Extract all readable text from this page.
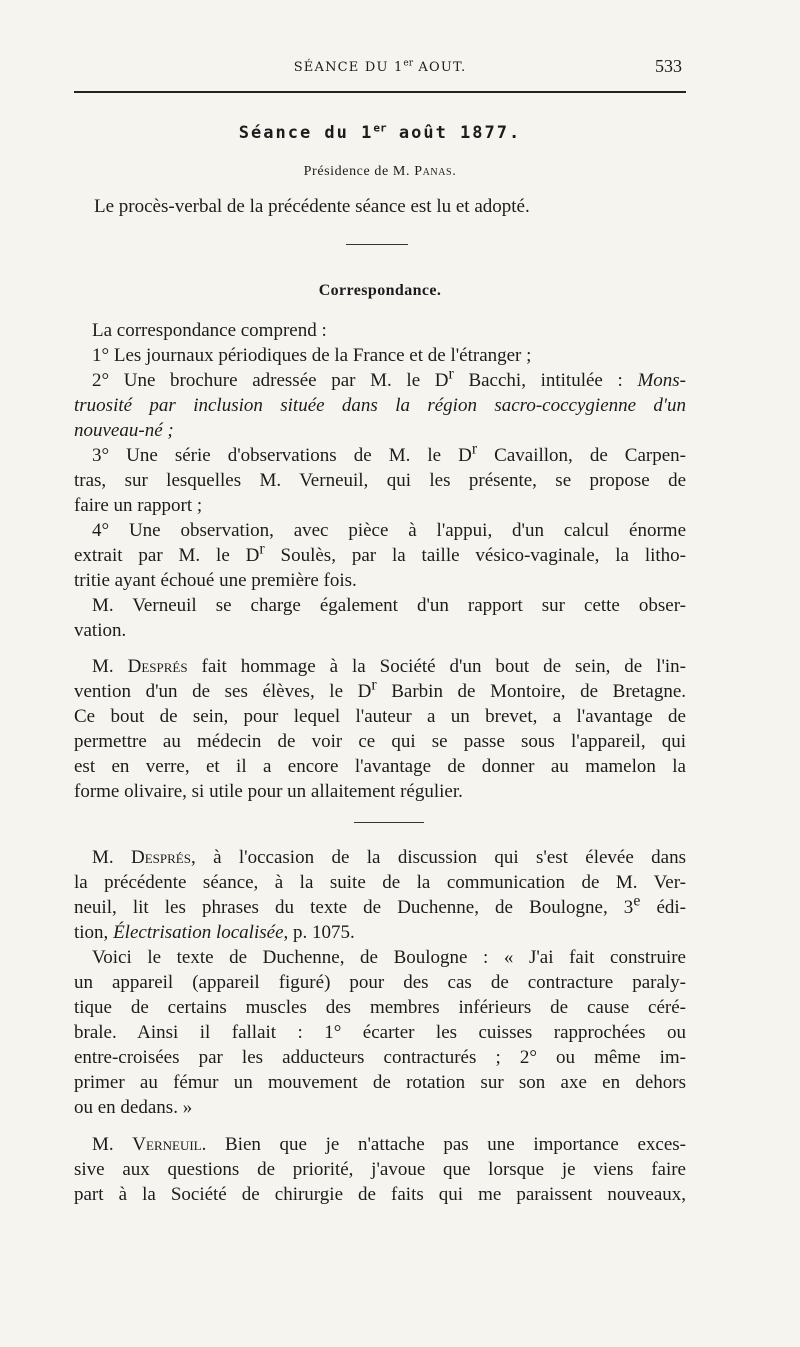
SÉANCE DU 1er AOUT.	533
Séance du 1er août 1877.
Présidence de M. Panas.
Le procès-verbal de la précédente séance est lu et adopté.
Correspondance.
La correspondance comprend :
1° Les journaux périodiques de la France et de l'étranger ;
2° Une brochure adressée par M. le $D^r$ Bacchi, intitulée : Mons-
truosité par inclusion située dans la région sacro-coccygienne d'un
nouveau-né ;
3° Une série d'observations de M. le $D^r$ Cavaillon, de Carpen-
tras, sur lesquelles M. Verneuil, qui les présente, se propose de
faire un rapport ;
4° Une observation, avec pièce à l'appui, d'un calcul énorme
extrait par M. le $D^r$ Soulès, par la taille vésico-vaginale, la litho-
tritie ayant échoué une première fois.
M. Verneuil se charge également d'un rapport sur cette obser-
vation.
M. Després fait hommage à la Société d'un bout de sein, de l'in-
vention d'un de ses élèves, le $D^r$ Barbin de Montoire, de Bretagne.
Ce bout de sein, pour lequel l'auteur a un brevet, a l'avantage de
permettre au médecin de voir ce qui se passe sous l'appareil, qui
est en verre, et il a encore l'avantage de donner au mamelon la
forme olivaire, si utile pour un allaitement régulier.
M. Després, à l'occasion de la discussion qui s'est élevée dans
la précédente séance, à la suite de la communication de M. Ver-
neuil, lit les phrases du texte de Duchenne, de Boulogne, 3e édi-
tion, Électrisation localisée, p. 1075.
Voici le texte de Duchenne, de Boulogne : « J'ai fait construire
un appareil (appareil figuré) pour des cas de contracture paraly-
tique de certains muscles des membres inférieurs de cause céré-
brale. Ainsi il fallait : 1° écarter les cuisses rapprochées ou
entre-croisées par les adducteurs contracturés ; 2° ou même im-
primer au fémur un mouvement de rotation sur son axe en dehors
ou en dedans. »
M. Verneuil. Bien que je n'attache pas une importance exces-
sive aux questions de priorité, j'avoue que lorsque je viens faire
part à la Société de chirurgie de faits qui me paraissent nouveaux,
